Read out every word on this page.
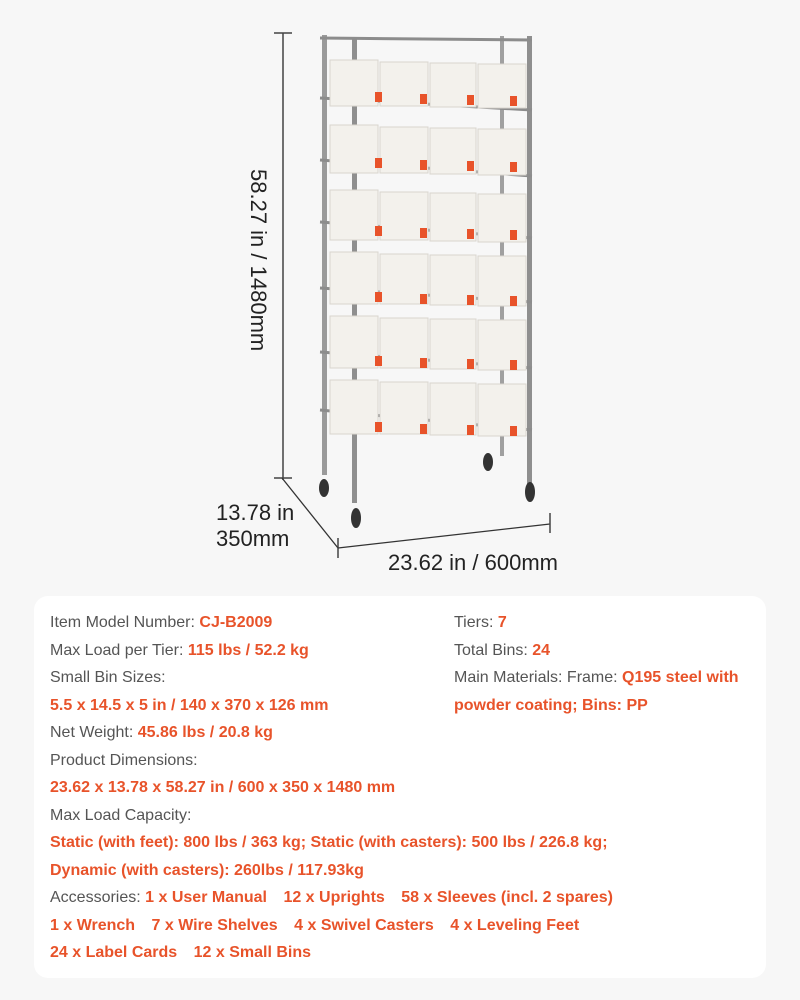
58.27 in / 1480mm
13.78 in
350mm
23.62 in / 600mm
Item Model Number: CJ-B2009
Max Load per Tier: 115 lbs / 52.2 kg
Small Bin Sizes:
5.5 x 14.5 x 5 in / 140 x 370 x 126 mm
Net Weight: 45.86 lbs / 20.8 kg
Product Dimensions:
23.62 x 13.78 x 58.27 in / 600 x 350 x 1480 mm
Max Load Capacity:
Static (with feet): 800 lbs / 363 kg; Static (with casters): 500 lbs / 226.8 kg;
Dynamic (with casters): 260lbs / 117.93kg
Accessories: 1 x User Manual 12 x Uprights 58 x Sleeves (incl. 2 spares)
1 x Wrench 7 x Wire Shelves 4 x Swivel Casters 4 x Leveling Feet
24 x Label Cards 12 x Small Bins
Tiers: 7
Total Bins: 24
Main Materials: Frame: Q195 steel with
powder coating; Bins: PP
